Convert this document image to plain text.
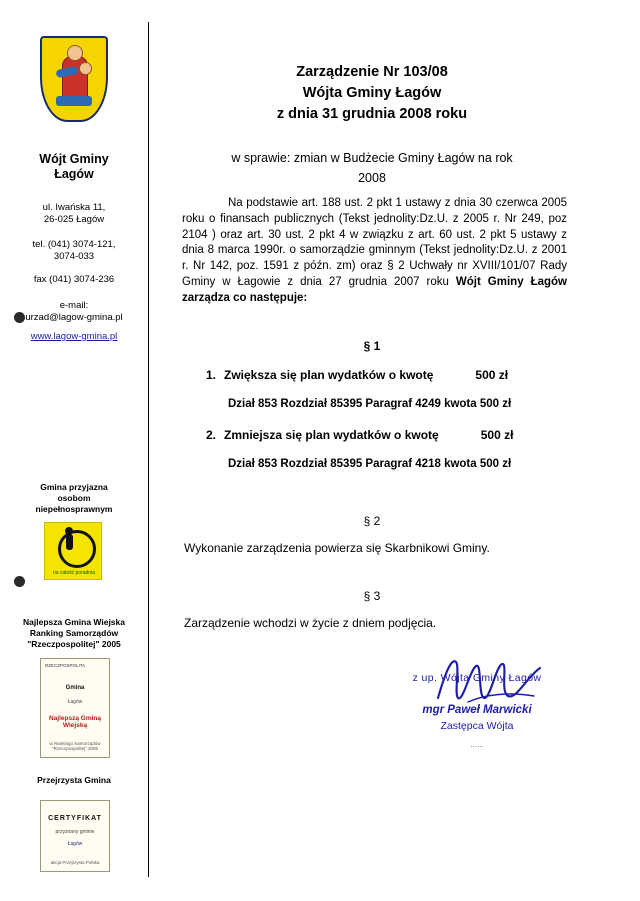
Wójt Gminy
Łagów
ul. Iwańska 11,
26-025 Łagów
tel. (041) 3074-121,
3074-033
fax (041) 3074-236
e-mail:
urzad@lagow-gmina.pl
www.lagow-gmina.pl
Gmina przyjazna
osobom
niepełnosprawnym
na całość poradnia
Najlepsza Gmina Wiejska
Ranking Samorządów
"Rzeczpospolitej" 2005
RZECZPOSPOLITA
Gmina
Łagów
Najlepszą Gminą Wiejską
w Rankingu Samorządów "Rzeczpospolitej" 2005
Przejrzysta Gmina
CERTYFIKAT
przyznany gminie
Łagów
akcja Przejrzysta Polska
Zarządzenie Nr 103/08
Wójta Gminy Łagów
z dnia 31 grudnia 2008 roku
w sprawie: zmian w Budżecie Gminy Łagów na rok
2008
Na podstawie art. 188 ust. 2 pkt 1 ustawy z dnia 30 czerwca 2005 roku o finansach publicznych (Tekst jednolity:Dz.U. z 2005 r. Nr 249, poz 2104 ) oraz art. 30 ust. 2 pkt 4 w związku z art. 60 ust. 2 pkt 5 ustawy z dnia 8 marca 1990r. o samorządzie gminnym (Tekst jednolity:Dz.U. z 2001 r. Nr 142, poz. 1591 z późn. zm) oraz § 2 Uchwały nr XVIII/101/07 Rady Gminy w Łagowie z dnia 27 grudnia 2007 roku Wójt Gminy Łagów zarządza co następuje:
§ 1
1. Zwiększa się plan wydatków o kwotę	500 zł
Dział 853 Rozdział 85395 Paragraf 4249 kwota 500 zł
2. Zmniejsza się plan wydatków o kwotę	500 zł
Dział 853 Rozdział 85395 Paragraf 4218 kwota 500 zł
§ 2
Wykonanie zarządzenia powierza się Skarbnikowi Gminy.
§ 3
Zarządzenie wchodzi w życie z dniem podjęcia.
z up. Wójta Gminy Łagów
mgr Paweł Marwicki
Zastępca Wójta
......
